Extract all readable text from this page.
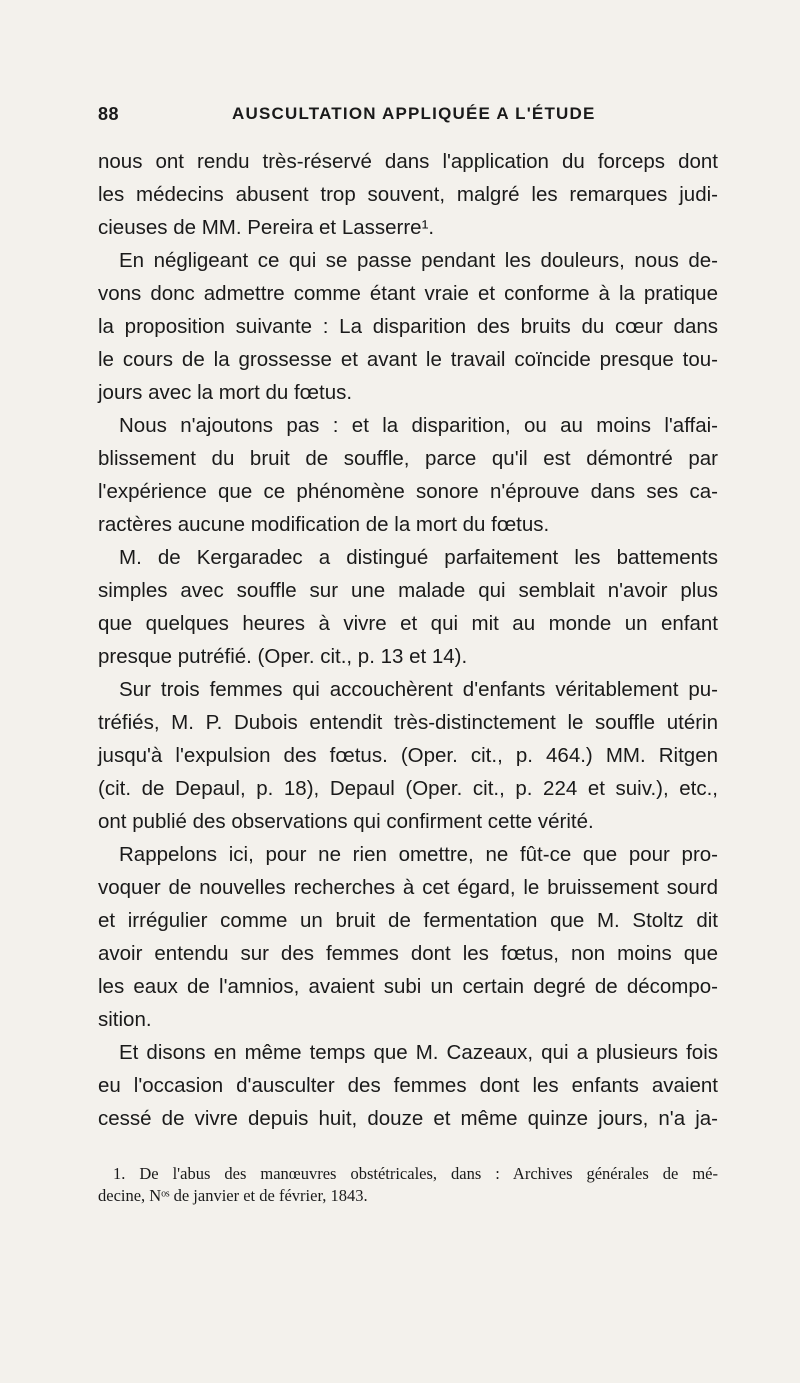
88	AUSCULTATION APPLIQUÉE A L'ÉTUDE
nous ont rendu très-réservé dans l'application du forceps dont
les médecins abusent trop souvent, malgré les remarques judi-
cieuses de MM. Pereira et Lasserre¹.
En négligeant ce qui se passe pendant les douleurs, nous de-
vons donc admettre comme étant vraie et conforme à la pratique
la proposition suivante : La disparition des bruits du cœur dans
le cours de la grossesse et avant le travail coïncide presque tou-
jours avec la mort du fœtus.
Nous n'ajoutons pas : et la disparition, ou au moins l'affai-
blissement du bruit de souffle, parce qu'il est démontré par
l'expérience que ce phénomène sonore n'éprouve dans ses ca-
ractères aucune modification de la mort du fœtus.
M. de Kergaradec a distingué parfaitement les battements
simples avec souffle sur une malade qui semblait n'avoir plus
que quelques heures à vivre et qui mit au monde un enfant
presque putréfié. (Oper. cit., p. 13 et 14).
Sur trois femmes qui accouchèrent d'enfants véritablement pu-
tréfiés, M. P. Dubois entendit très-distinctement le souffle utérin
jusqu'à l'expulsion des fœtus. (Oper. cit., p. 464.) MM. Ritgen
(cit. de Depaul, p. 18), Depaul (Oper. cit., p. 224 et suiv.), etc.,
ont publié des observations qui confirment cette vérité.
Rappelons ici, pour ne rien omettre, ne fût-ce que pour pro-
voquer de nouvelles recherches à cet égard, le bruissement sourd
et irrégulier comme un bruit de fermentation que M. Stoltz dit
avoir entendu sur des femmes dont les fœtus, non moins que
les eaux de l'amnios, avaient subi un certain degré de décompo-
sition.
Et disons en même temps que M. Cazeaux, qui a plusieurs fois
eu l'occasion d'ausculter des femmes dont les enfants avaient
cessé de vivre depuis huit, douze et même quinze jours, n'a ja-
1. De l'abus des manœuvres obstétricales, dans : Archives générales de mé-
decine, Nᵒˢ de janvier et de février, 1843.
